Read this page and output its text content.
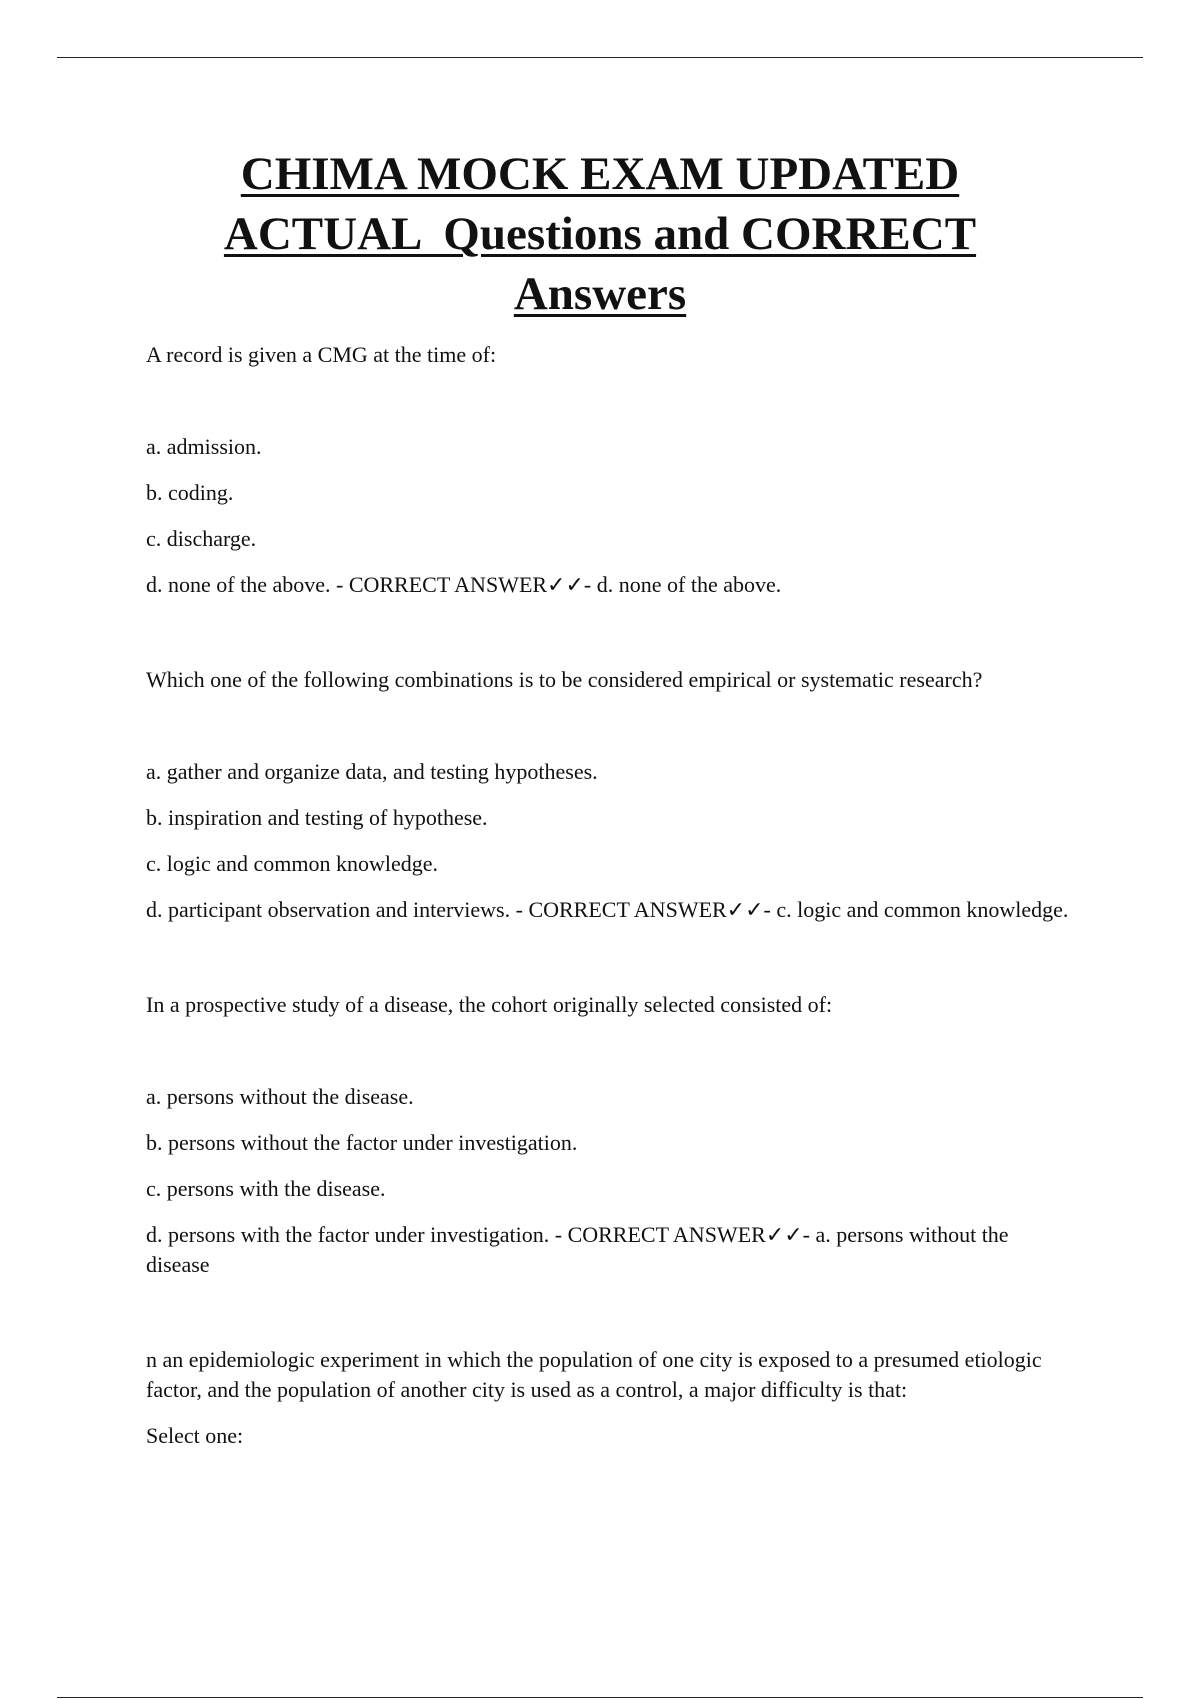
CHIMA MOCK EXAM UPDATED
ACTUAL  Questions and CORRECT
Answers

A record is given a CMG at the time of:

a. admission.

b. coding.

c. discharge.

d. none of the above. - CORRECT ANSWER✓✓- d. none of the above.

Which one of the following combinations is to be considered empirical or systematic research?

a. gather and organize data, and testing hypotheses.

b. inspiration and testing of hypothese.

c. logic and common knowledge.

d. participant observation and interviews. - CORRECT ANSWER✓✓- c. logic and common knowledge.

In a prospective study of a disease, the cohort originally selected consisted of:

a. persons without the disease.

b. persons without the factor under investigation.

c. persons with the disease.

d. persons with the factor under investigation. - CORRECT ANSWER✓✓- a. persons without the disease

n an epidemiologic experiment in which the population of one city is exposed to a presumed etiologic factor, and the population of another city is used as a control, a major difficulty is that:

Select one:
